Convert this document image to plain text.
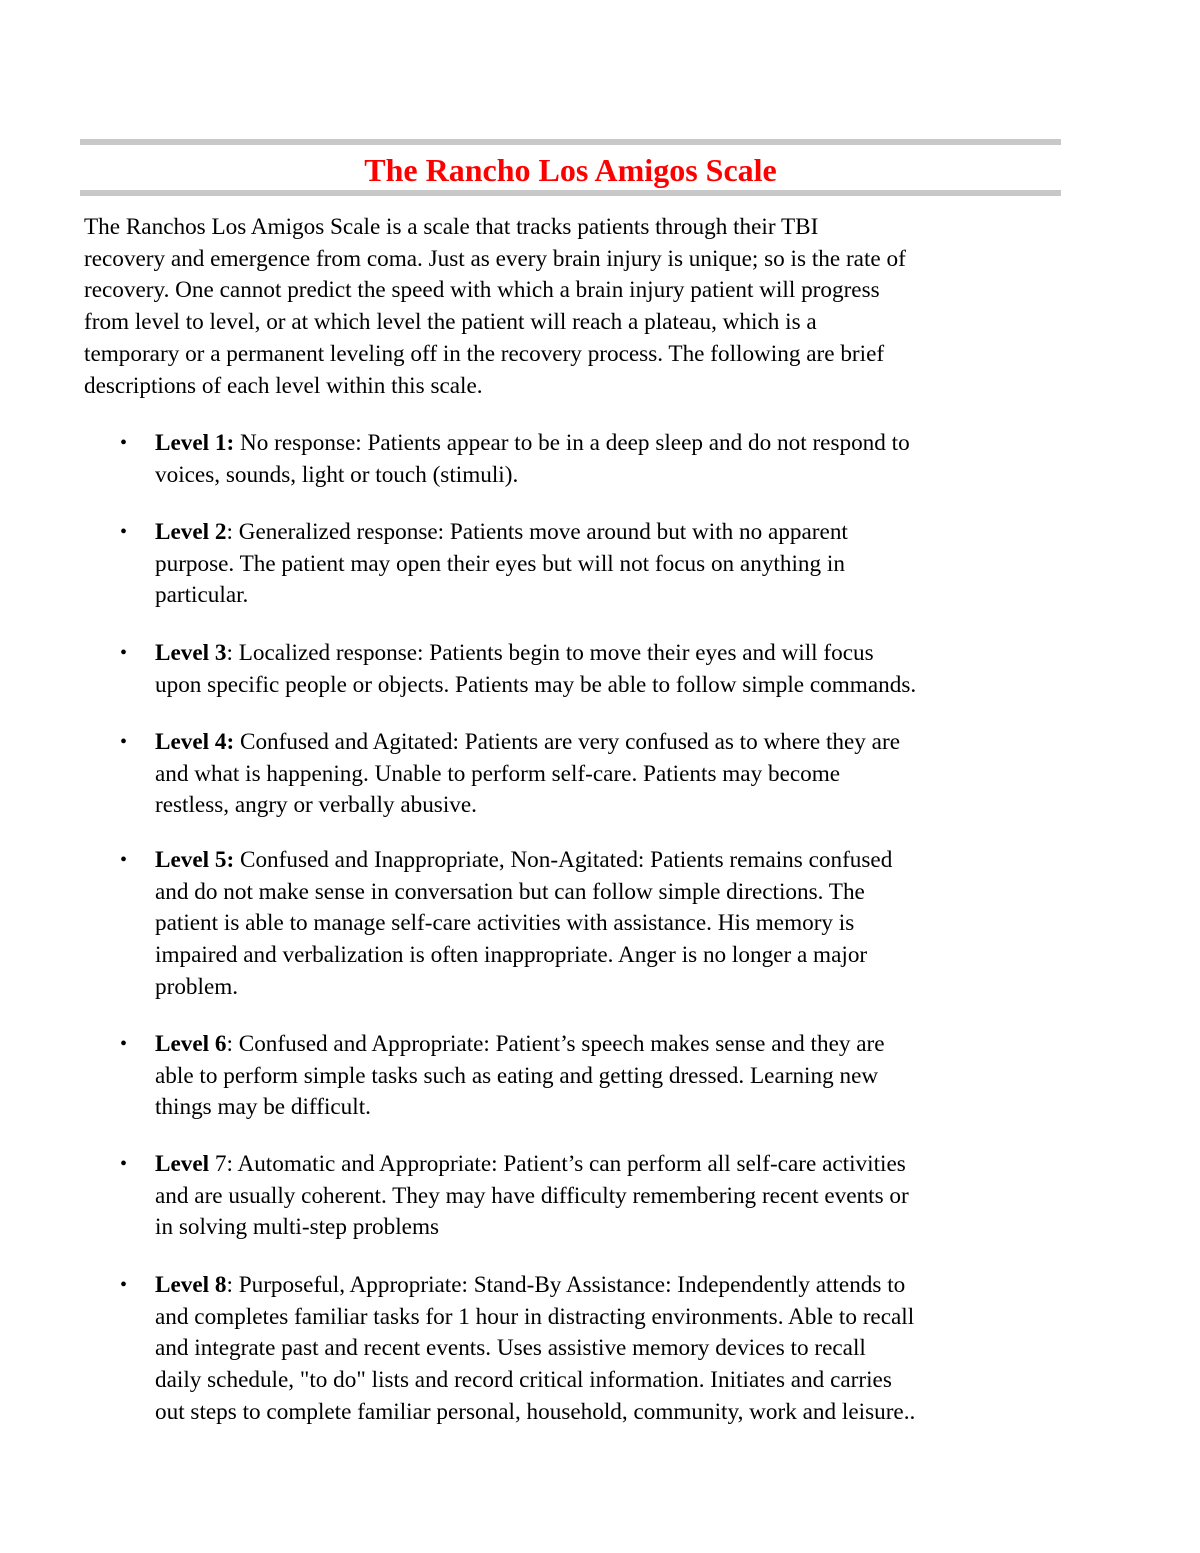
The Rancho Los Amigos Scale
The Ranchos Los Amigos Scale is a scale that tracks patients through their TBI
recovery and emergence from coma. Just as every brain injury is unique; so is the rate of
recovery. One cannot predict the speed with which a brain injury patient will progress
from level to level, or at which level the patient will reach a plateau, which is a
temporary or a permanent leveling off in the recovery process. The following are brief
descriptions of each level within this scale.
•	Level 1: No response: Patients appear to be in a deep sleep and do not respond to
voices, sounds, light or touch (stimuli).
•	Level 2: Generalized response: Patients move around but with no apparent
purpose. The patient may open their eyes but will not focus on anything in
particular.
•	Level 3: Localized response: Patients begin to move their eyes and will focus
upon specific people or objects. Patients may be able to follow simple commands.
•	Level 4: Confused and Agitated: Patients are very confused as to where they are
and what is happening. Unable to perform self-care. Patients may become
restless, angry or verbally abusive.
•	Level 5: Confused and Inappropriate, Non-Agitated: Patients remains confused
and do not make sense in conversation but can follow simple directions. The
patient is able to manage self-care activities with assistance. His memory is
impaired and verbalization is often inappropriate. Anger is no longer a major
problem.
•	Level 6: Confused and Appropriate: Patient’s speech makes sense and they are
able to perform simple tasks such as eating and getting dressed. Learning new
things may be difficult.
•	Level 7: Automatic and Appropriate: Patient’s can perform all self-care activities
and are usually coherent. They may have difficulty remembering recent events or
in solving multi-step problems
•	Level 8: Purposeful, Appropriate: Stand-By Assistance: Independently attends to
and completes familiar tasks for 1 hour in distracting environments. Able to recall
and integrate past and recent events. Uses assistive memory devices to recall
daily schedule, "to do" lists and record critical information. Initiates and carries
out steps to complete familiar personal, household, community, work and leisure..
